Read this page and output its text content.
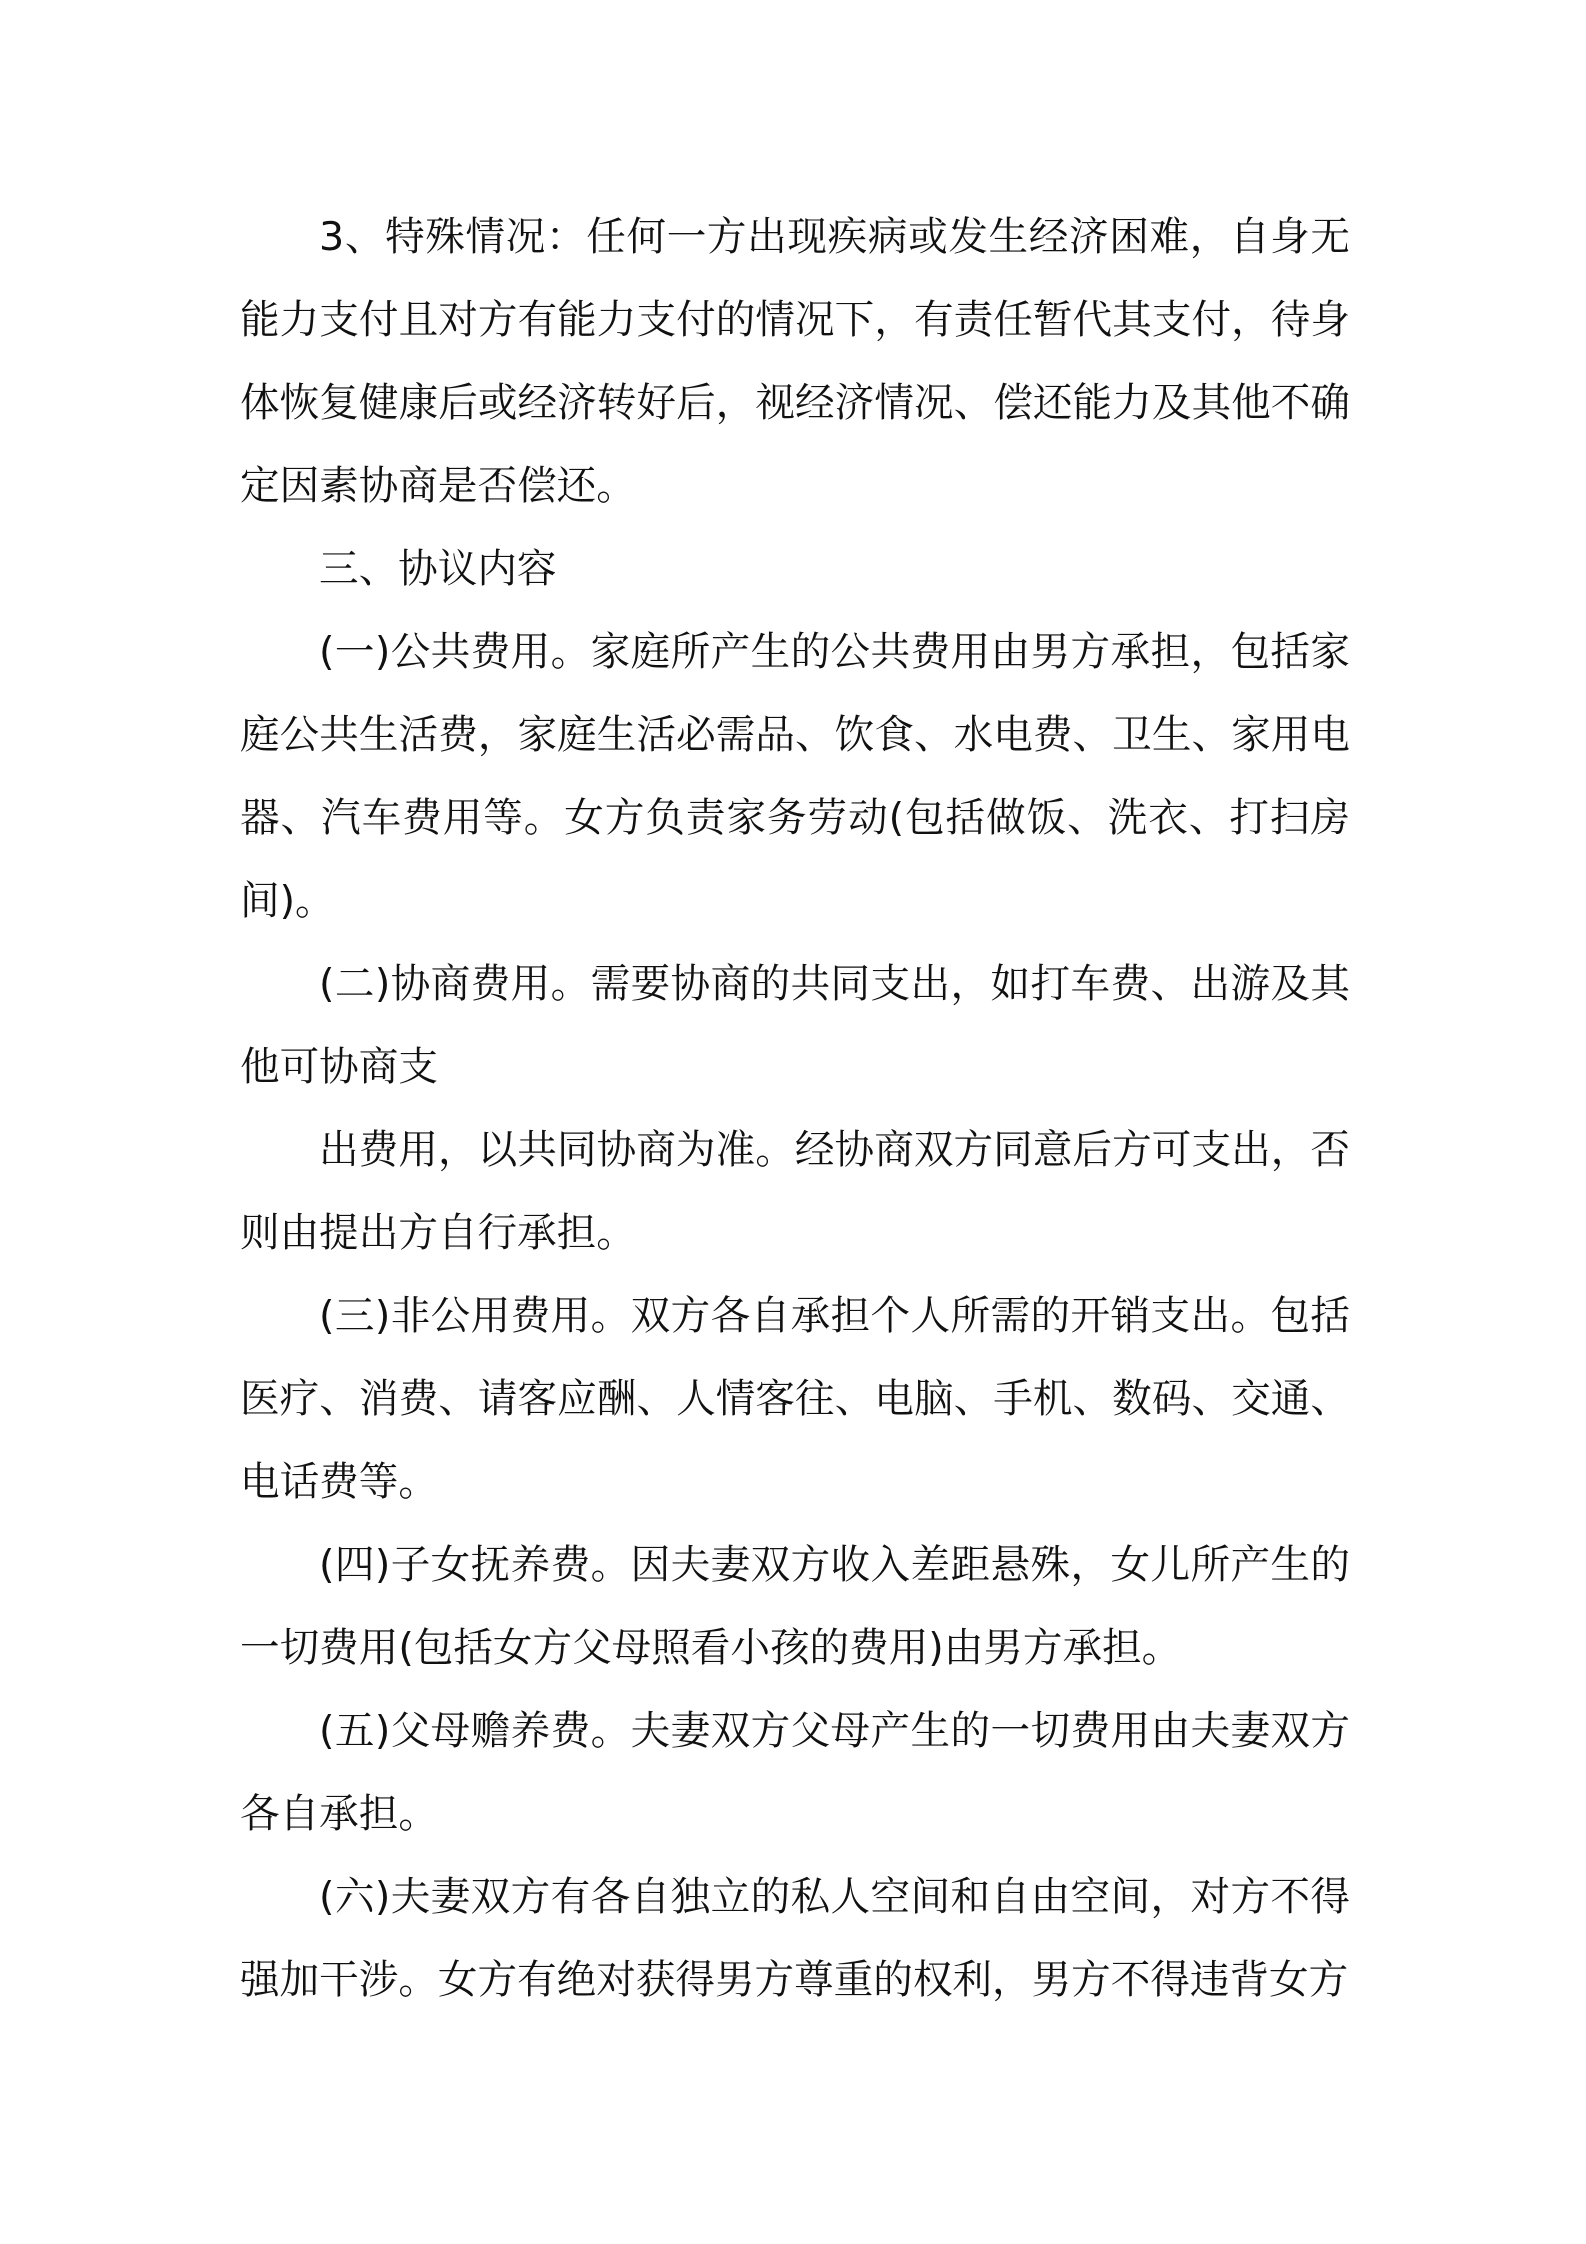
3、特殊情况：任何一方出现疾病或发生经济困难，自身无能力支付且对方有能力支付的情况下，有责任暂代其支付，待身体恢复健康后或经济转好后，视经济情况、偿还能力及其他不确定因素协商是否偿还。

三、协议内容

(一)公共费用。家庭所产生的公共费用由男方承担，包括家庭公共生活费，家庭生活必需品、饮食、水电费、卫生、家用电器、汽车费用等。女方负责家务劳动(包括做饭、洗衣、打扫房间)。

(二)协商费用。需要协商的共同支出，如打车费、出游及其他可协商支

出费用，以共同协商为准。经协商双方同意后方可支出，否则由提出方自行承担。

(三)非公用费用。双方各自承担个人所需的开销支出。包括医疗、消费、请客应酬、人情客往、电脑、手机、数码、交通、电话费等。

(四)子女抚养费。因夫妻双方收入差距悬殊，女儿所产生的一切费用(包括女方父母照看小孩的费用)由男方承担。

(五)父母赡养费。夫妻双方父母产生的一切费用由夫妻双方各自承担。

(六)夫妻双方有各自独立的私人空间和自由空间，对方不得强加干涉。女方有绝对获得男方尊重的权利，男方不得违背女方
